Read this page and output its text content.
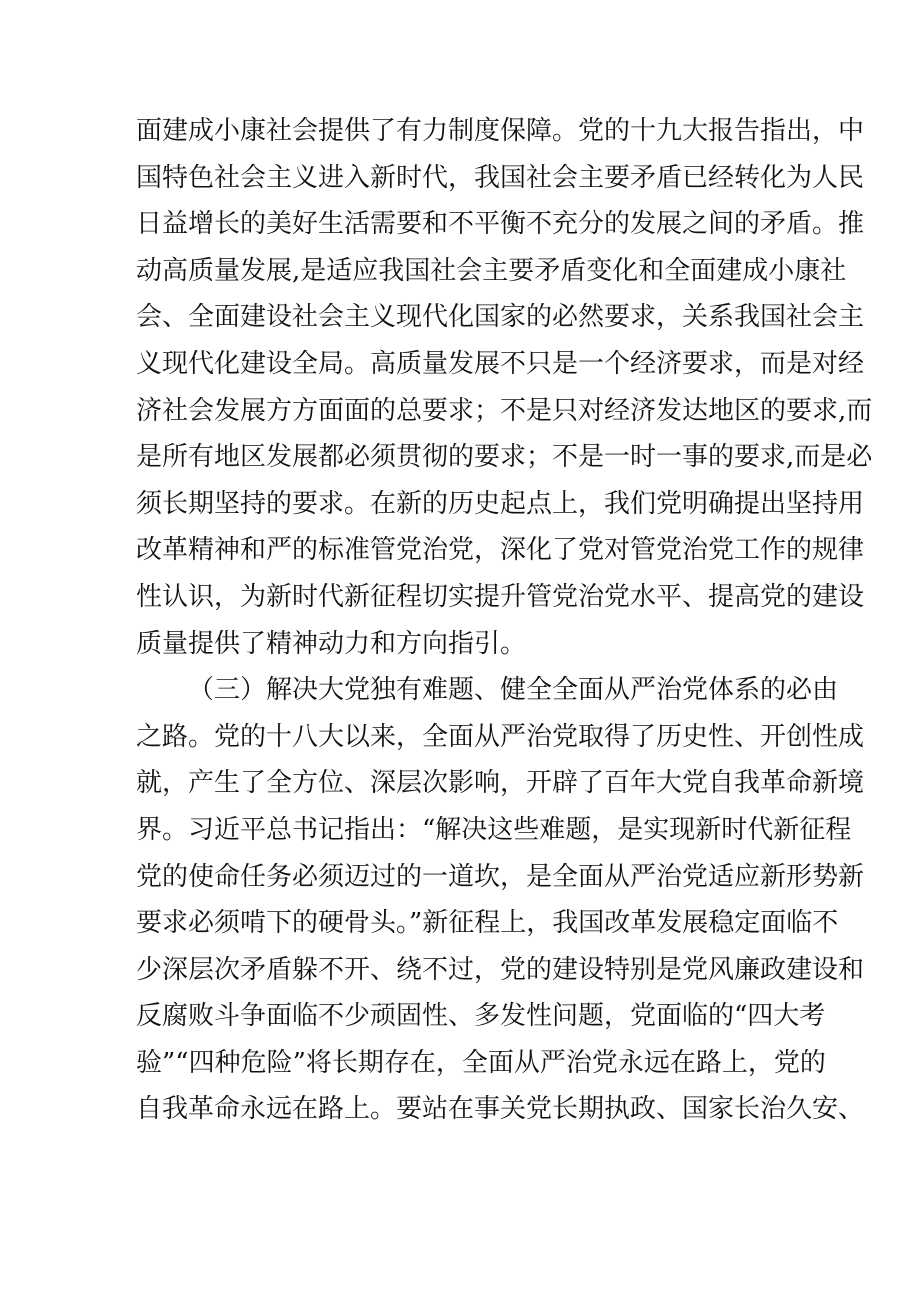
面建成小康社会提供了有力制度保障。党的十九大报告指出，中
国特色社会主义进入新时代，我国社会主要矛盾已经转化为人民
日益增长的美好生活需要和不平衡不充分的发展之间的矛盾。推
动高质量发展,是适应我国社会主要矛盾变化和全面建成小康社
会、全面建设社会主义现代化国家的必然要求，关系我国社会主
义现代化建设全局。高质量发展不只是一个经济要求，而是对经
济社会发展方方面面的总要求；不是只对经济发达地区的要求,而
是所有地区发展都必须贯彻的要求；不是一时一事的要求,而是必
须长期坚持的要求。在新的历史起点上，我们党明确提出坚持用
改革精神和严的标准管党治党，深化了党对管党治党工作的规律
性认识，为新时代新征程切实提升管党治党水平、提高党的建设
质量提供了精神动力和方向指引。
（三）解决大党独有难题、健全全面从严治党体系的必由
之路。党的十八大以来，全面从严治党取得了历史性、开创性成
就，产生了全方位、深层次影响，开辟了百年大党自我革命新境
界。习近平总书记指出：“解决这些难题，是实现新时代新征程
党的使命任务必须迈过的一道坎，是全面从严治党适应新形势新
要求必须啃下的硬骨头。”新征程上，我国改革发展稳定面临不
少深层次矛盾躲不开、绕不过，党的建设特别是党风廉政建设和
反腐败斗争面临不少顽固性、多发性问题，党面临的“四大考
验”“四种危险”将长期存在，全面从严治党永远在路上，党的
自我革命永远在路上。要站在事关党长期执政、国家长治久安、
